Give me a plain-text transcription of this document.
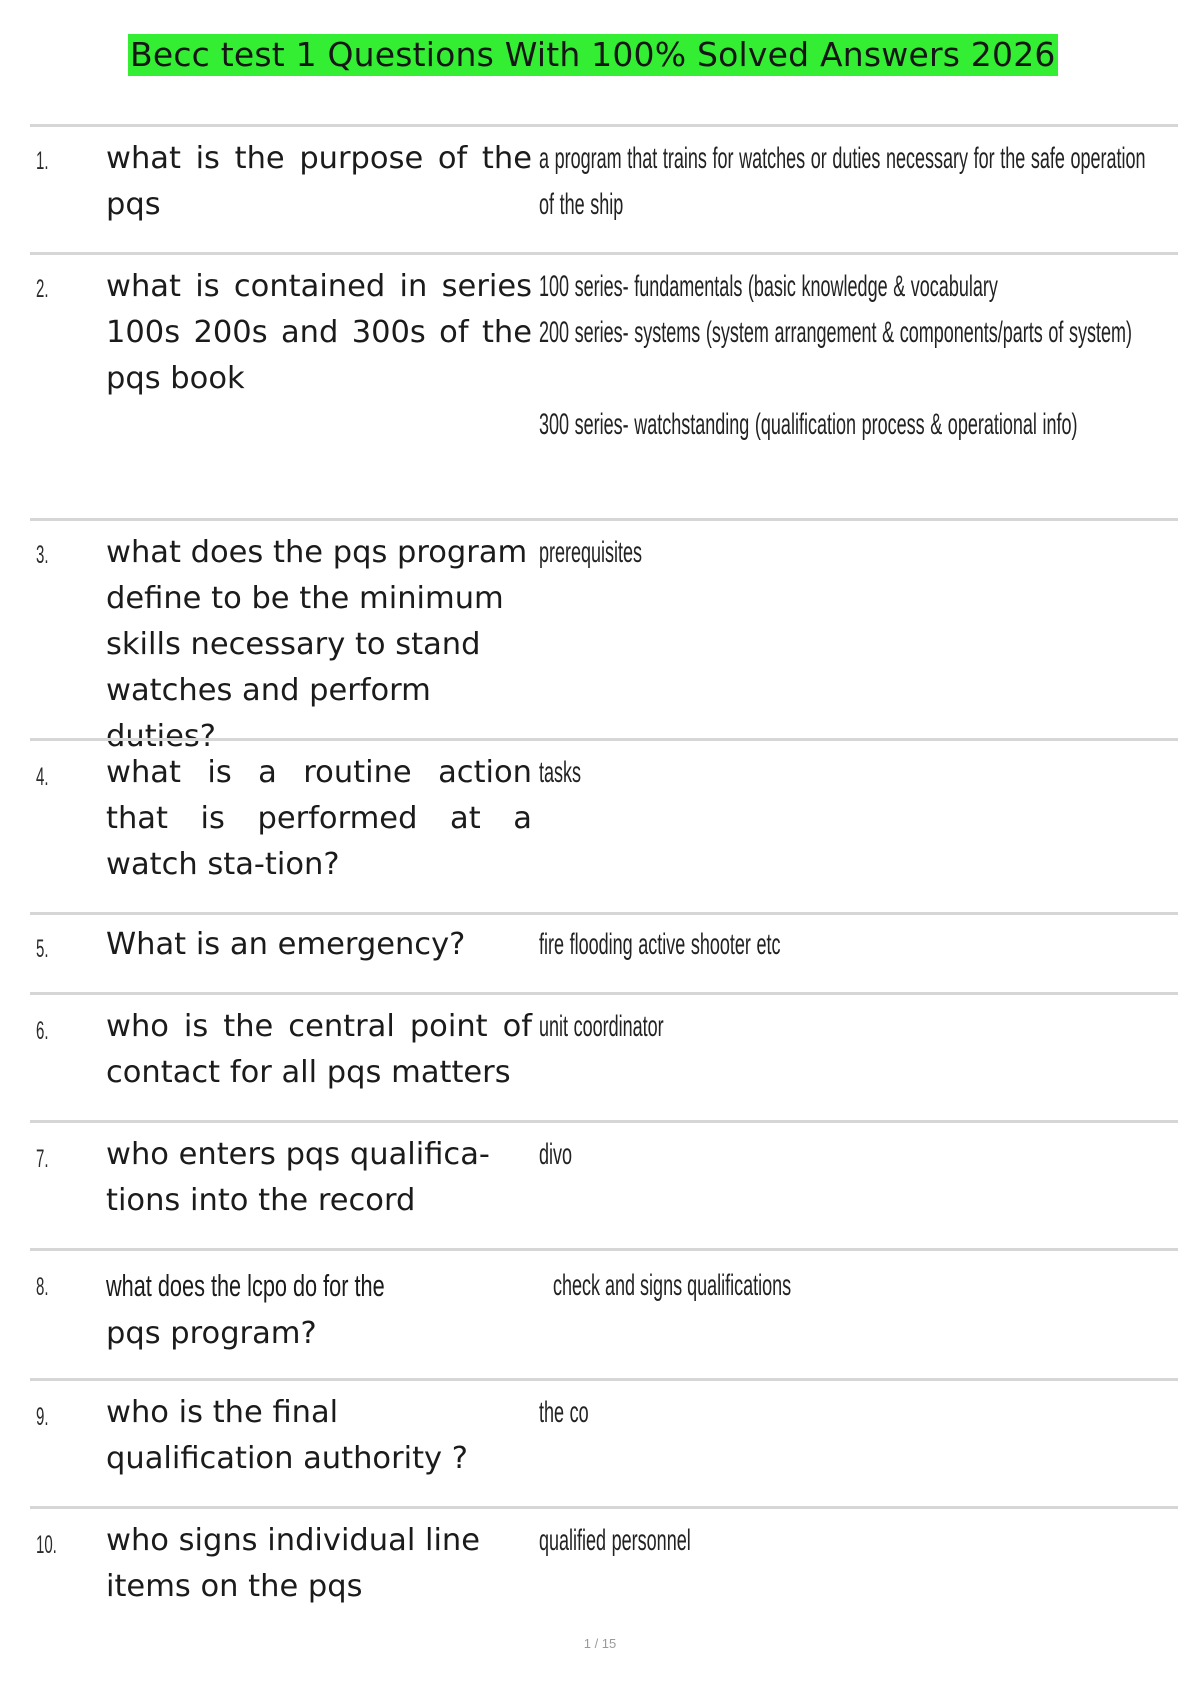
Becc test 1 Questions With 100% Solved Answers 2026
1. what is the purpose of the pqs
a program that trains for watches or duties necessary for the safe operation of the ship
2. what is contained in series 100s 200s and 300s of the pqs book
100 series- fundamentals (basic knowledge & vocabulary
200 series- systems (system arrangement & components/parts of system)
300 series- watchstanding (qualification process & operational info)
3. what does the pqs program define to be the minimum skills necessary to stand watches and perform duties?
prerequisites
4. what is a routine action that is performed at a watch sta-tion?
tasks
5. What is an emergency?	fire flooding active shooter etc
6. who is the central point of contact for all pqs matters
unit coordinator
7. who enters pqs qualifica-tions into the record
divo
8. what does the lcpo do for the
pqs program?
check and signs qualifications
9. who is the final qualification authority ?
the co
10. who signs individual line items on the pqs
qualified personnel
1 / 15
